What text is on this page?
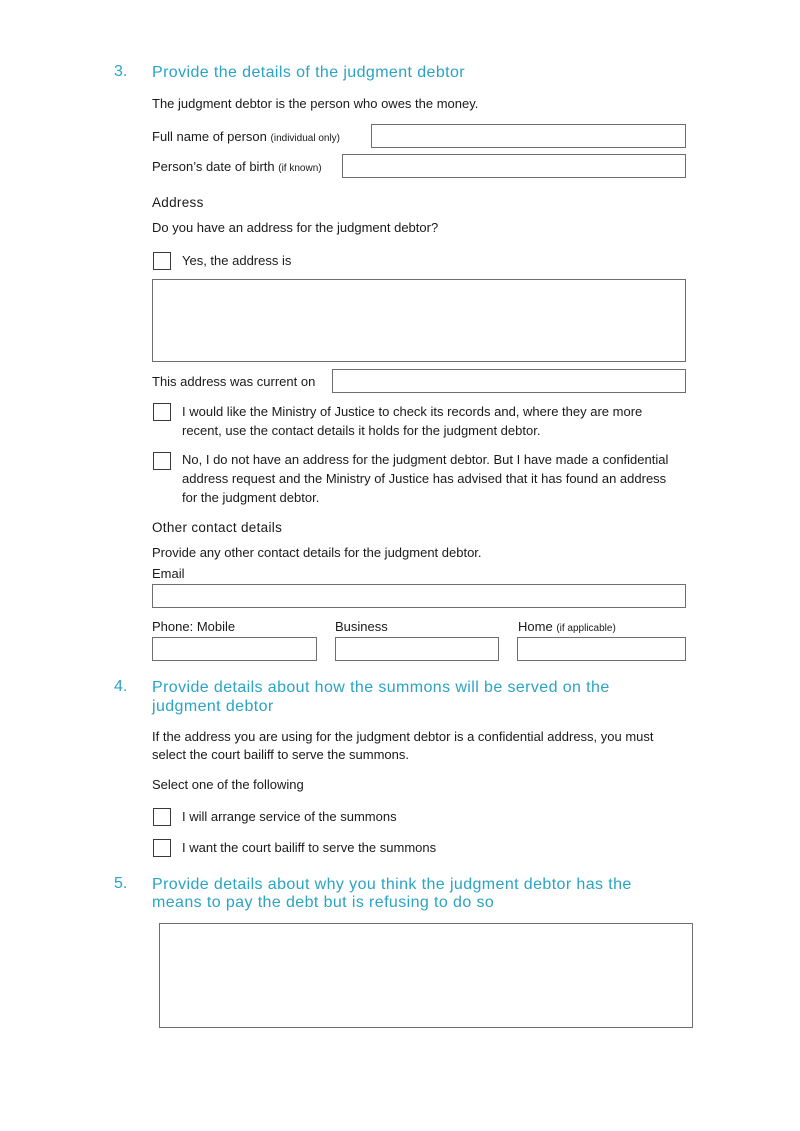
3. Provide the details of the judgment debtor
The judgment debtor is the person who owes the money.
Full name of person (individual only)
Person’s date of birth (if known)
Address
Do you have an address for the judgment debtor?
Yes, the address is
This address was current on
I would like the Ministry of Justice to check its records and, where they are more recent, use the contact details it holds for the judgment debtor.
No, I do not have an address for the judgment debtor. But I have made a confidential address request and the Ministry of Justice has advised that it has found an address for the judgment debtor.
Other contact details
Provide any other contact details for the judgment debtor.
Email
Phone: Mobile	Business	Home (if applicable)
4. Provide details about how the summons will be served on the
judgment debtor
If the address you are using for the judgment debtor is a confidential address, you must
select the court bailiff to serve the summons.
Select one of the following
I will arrange service of the summons
I want the court bailiff to serve the summons
5. Provide details about why you think the judgment debtor has the
means to pay the debt but is refusing to do so
